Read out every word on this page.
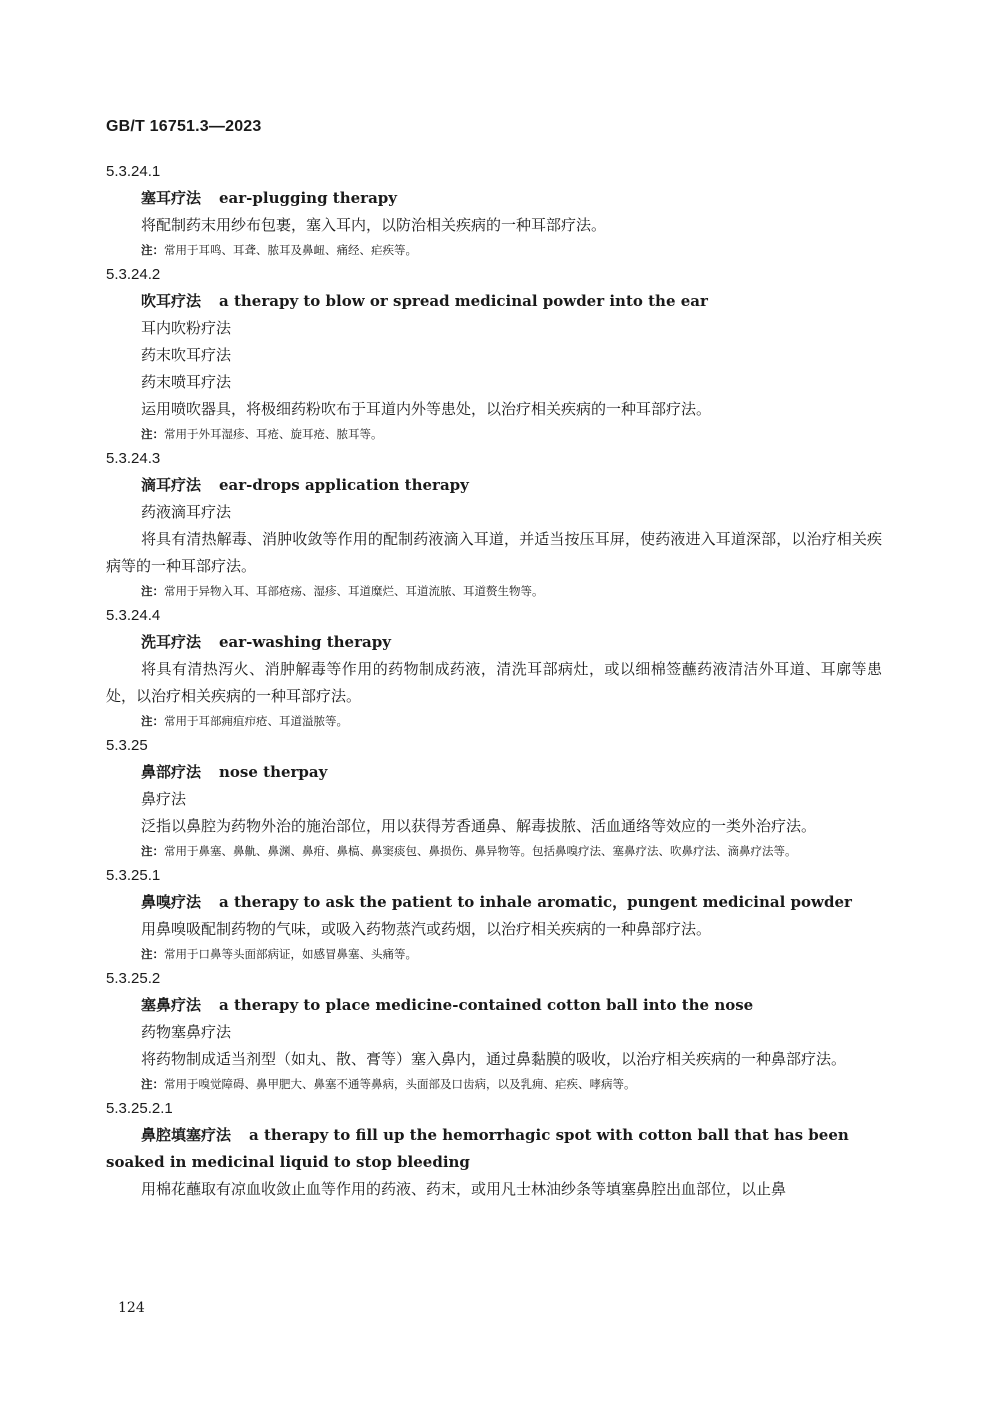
GB/T 16751.3—2023
5.3.24.1
塞耳疗法 ear-plugging therapy
将配制药末用纱布包裹，塞入耳内，以防治相关疾病的一种耳部疗法。
注：常用于耳鸣、耳聋、脓耳及鼻衄、痛经、疟疾等。
5.3.24.2
吹耳疗法 a therapy to blow or spread medicinal powder into the ear
耳内吹粉疗法
药末吹耳疗法
药末喷耳疗法
运用喷吹器具，将极细药粉吹布于耳道内外等患处，以治疗相关疾病的一种耳部疗法。
注：常用于外耳湿疹、耳疮、旋耳疮、脓耳等。
5.3.24.3
滴耳疗法 ear-drops application therapy
药液滴耳疗法
将具有清热解毒、消肿收敛等作用的配制药液滴入耳道，并适当按压耳屏，使药液进入耳道深部，以治疗相关疾病等的一种耳部疗法。
注：常用于异物入耳、耳部疮疡、湿疹、耳道糜烂、耳道流脓、耳道赘生物等。
5.3.24.4
洗耳疗法 ear-washing therapy
将具有清热泻火、消肿解毒等作用的药物制成药液，清洗耳部病灶，或以细棉签蘸药液清洁外耳道、耳廓等患处，以治疗相关疾病的一种耳部疗法。
注：常用于耳部痈疽疖疮、耳道溢脓等。
5.3.25
鼻部疗法 nose therpay
鼻疗法
泛指以鼻腔为药物外治的施治部位，用以获得芳香通鼻、解毒拔脓、活血通络等效应的一类外治疗法。
注：常用于鼻塞、鼻鼽、鼻渊、鼻疳、鼻槁、鼻窦痰包、鼻损伤、鼻异物等。包括鼻嗅疗法、塞鼻疗法、吹鼻疗法、滴鼻疗法等。
5.3.25.1
鼻嗅疗法 a therapy to ask the patient to inhale aromatic，pungent medicinal powder
用鼻嗅吸配制药物的气味，或吸入药物蒸汽或药烟，以治疗相关疾病的一种鼻部疗法。
注：常用于口鼻等头面部病证，如感冒鼻塞、头痛等。
5.3.25.2
塞鼻疗法 a therapy to place medicine-contained cotton ball into the nose
药物塞鼻疗法
将药物制成适当剂型（如丸、散、膏等）塞入鼻内，通过鼻黏膜的吸收，以治疗相关疾病的一种鼻部疗法。
注：常用于嗅觉障碍、鼻甲肥大、鼻塞不通等鼻病，头面部及口齿病，以及乳痈、疟疾、哮病等。
5.3.25.2.1
鼻腔填塞疗法 a therapy to fill up the hemorrhagic spot with cotton ball that has been soaked in medicinal liquid to stop bleeding
用棉花蘸取有凉血收敛止血等作用的药液、药末，或用凡士林油纱条等填塞鼻腔出血部位，以止鼻
124
